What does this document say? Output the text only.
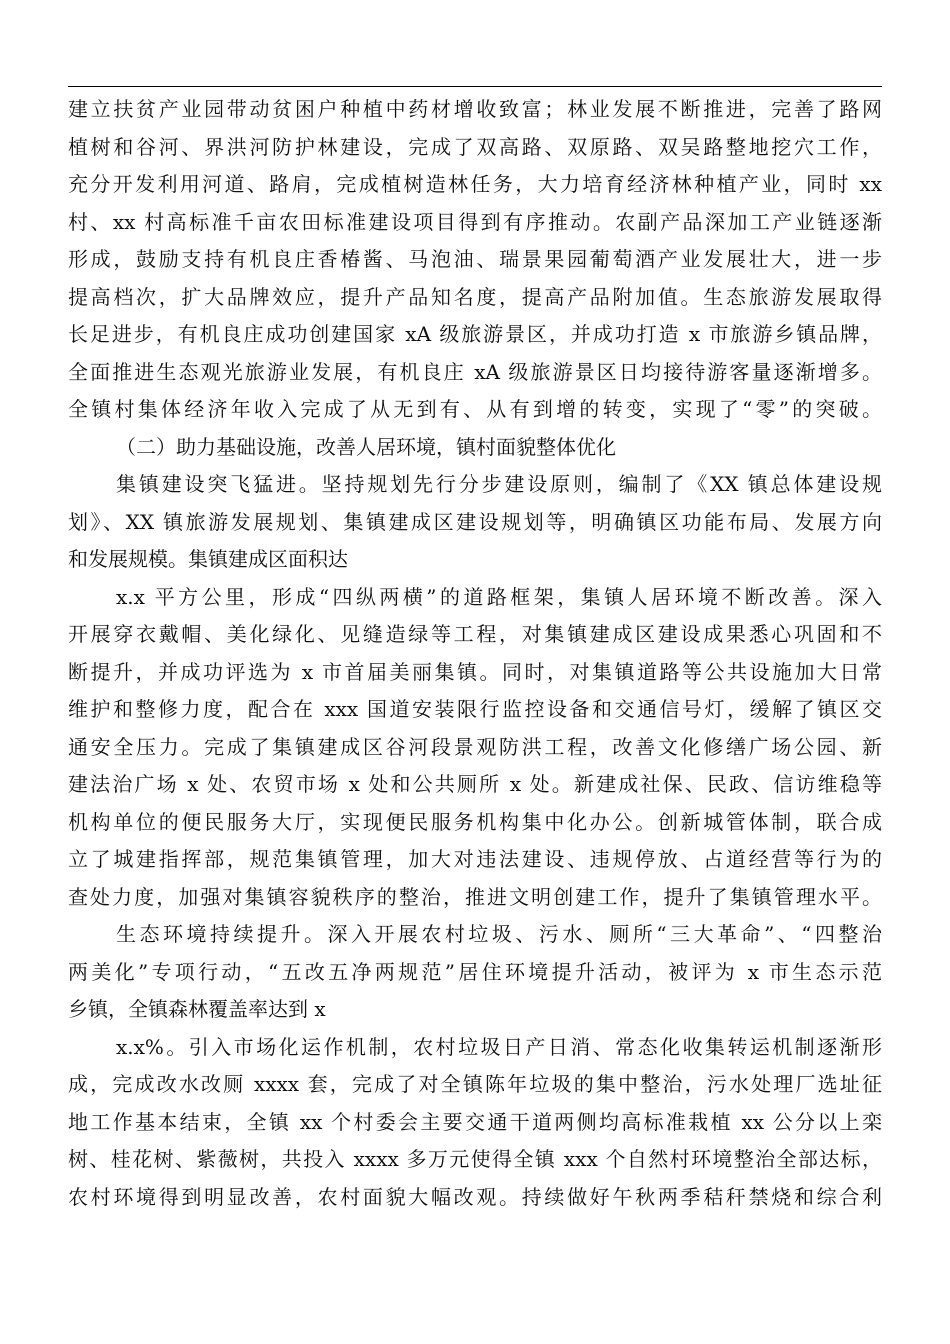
建立扶贫产业园带动贫困户种植中药材增收致富；林业发展不断推进，完善了路网
植树和谷河、界洪河防护林建设，完成了双高路、双原路、双吴路整地挖穴工作，
充分开发利用河道、路肩，完成植树造林任务，大力培育经济林种植产业，同时 xx
村、xx 村高标准千亩农田标准建设项目得到有序推动。农副产品深加工产业链逐渐
形成，鼓励支持有机良庄香椿酱、马泡油、瑞景果园葡萄酒产业发展壮大，进一步
提高档次，扩大品牌效应，提升产品知名度，提高产品附加值。生态旅游发展取得
长足进步，有机良庄成功创建国家 xA 级旅游景区，并成功打造 x 市旅游乡镇品牌，
全面推进生态观光旅游业发展，有机良庄 xA 级旅游景区日均接待游客量逐渐增多。
全镇村集体经济年收入完成了从无到有、从有到增的转变，实现了“零”的突破。
（二）助力基础设施，改善人居环境，镇村面貌整体优化
集镇建设突飞猛进。坚持规划先行分步建设原则，编制了《XX 镇总体建设规
划》、XX 镇旅游发展规划、集镇建成区建设规划等，明确镇区功能布局、发展方向
和发展规模。集镇建成区面积达
x.x 平方公里，形成“四纵两横”的道路框架，集镇人居环境不断改善。深入
开展穿衣戴帽、美化绿化、见缝造绿等工程，对集镇建成区建设成果悉心巩固和不
断提升，并成功评选为 x 市首届美丽集镇。同时，对集镇道路等公共设施加大日常
维护和整修力度，配合在 xxx 国道安装限行监控设备和交通信号灯，缓解了镇区交
通安全压力。完成了集镇建成区谷河段景观防洪工程，改善文化修缮广场公园、新
建法治广场 x 处、农贸市场 x 处和公共厕所 x 处。新建成社保、民政、信访维稳等
机构单位的便民服务大厅，实现便民服务机构集中化办公。创新城管体制，联合成
立了城建指挥部，规范集镇管理，加大对违法建设、违规停放、占道经营等行为的
查处力度，加强对集镇容貌秩序的整治，推进文明创建工作，提升了集镇管理水平。
生态环境持续提升。深入开展农村垃圾、污水、厕所“三大革命”、“四整治
两美化”专项行动，“五改五净两规范”居住环境提升活动，被评为 x 市生态示范
乡镇，全镇森林覆盖率达到 x
x.x%。引入市场化运作机制，农村垃圾日产日消、常态化收集转运机制逐渐形
成，完成改水改厕 xxxx 套，完成了对全镇陈年垃圾的集中整治，污水处理厂选址征
地工作基本结束，全镇 xx 个村委会主要交通干道两侧均高标准栽植 xx 公分以上栾
树、桂花树、紫薇树，共投入 xxxx 多万元使得全镇 xxx 个自然村环境整治全部达标，
农村环境得到明显改善，农村面貌大幅改观。持续做好午秋两季秸秆禁烧和综合利
